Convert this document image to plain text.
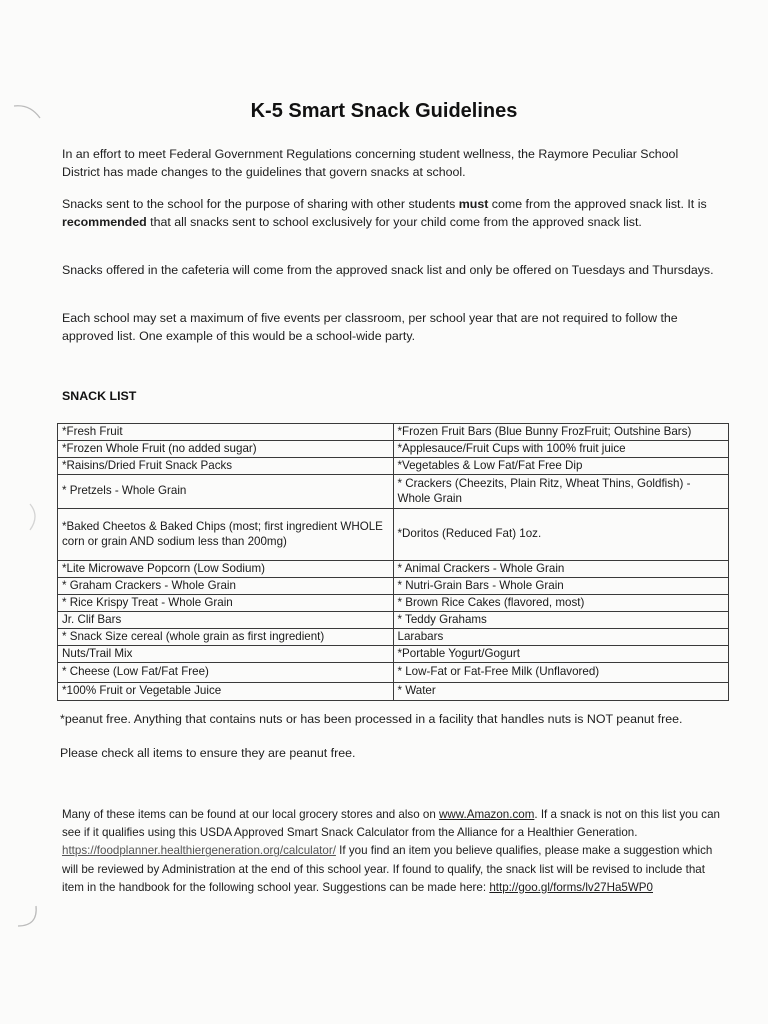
K-5 Smart Snack Guidelines
In an effort to meet Federal Government Regulations concerning student wellness, the Raymore Peculiar School District has made changes to the guidelines that govern snacks at school.
Snacks sent to the school for the purpose of sharing with other students must come from the approved snack list. It is recommended that all snacks sent to school exclusively for your child come from the approved snack list.
Snacks offered in the cafeteria will come from the approved snack list and only be offered on Tuesdays and Thursdays.
Each school may set a maximum of five events per classroom, per school year that are not required to follow the approved list. One example of this would be a school-wide party.
SNACK LIST
*Fresh Fruit	*Frozen Fruit Bars (Blue Bunny FrozFruit; Outshine Bars)
*Frozen Whole Fruit (no added sugar)	*Applesauce/Fruit Cups with 100% fruit juice
*Raisins/Dried Fruit Snack Packs	*Vegetables & Low Fat/Fat Free Dip
* Pretzels - Whole Grain	* Crackers (Cheezits, Plain Ritz, Wheat Thins, Goldfish) - Whole Grain
*Baked Cheetos & Baked Chips (most; first ingredient WHOLE corn or grain AND sodium less than 200mg)	*Doritos (Reduced Fat) 1oz.
*Lite Microwave Popcorn (Low Sodium)	* Animal Crackers - Whole Grain
* Graham Crackers - Whole Grain	* Nutri-Grain Bars - Whole Grain
* Rice Krispy Treat - Whole Grain	* Brown Rice Cakes (flavored, most)
Jr. Clif Bars	* Teddy Grahams
* Snack Size cereal (whole grain as first ingredient)	Larabars
Nuts/Trail Mix	*Portable Yogurt/Gogurt
* Cheese (Low Fat/Fat Free)	* Low-Fat or Fat-Free Milk (Unflavored)
*100% Fruit or Vegetable Juice	* Water
*peanut free. Anything that contains nuts or has been processed in a facility that handles nuts is NOT peanut free.
Please check all items to ensure they are peanut free.
Many of these items can be found at our local grocery stores and also on www.Amazon.com. If a snack is not on this list you can see if it qualifies using this USDA Approved Smart Snack Calculator from the Alliance for a Healthier Generation. https://foodplanner.healthiergeneration.org/calculator/ If you find an item you believe qualifies, please make a suggestion which will be reviewed by Administration at the end of this school year. If found to qualify, the snack list will be revised to include that item in the handbook for the following school year. Suggestions can be made here: http://goo.gl/forms/lv27Ha5WP0
